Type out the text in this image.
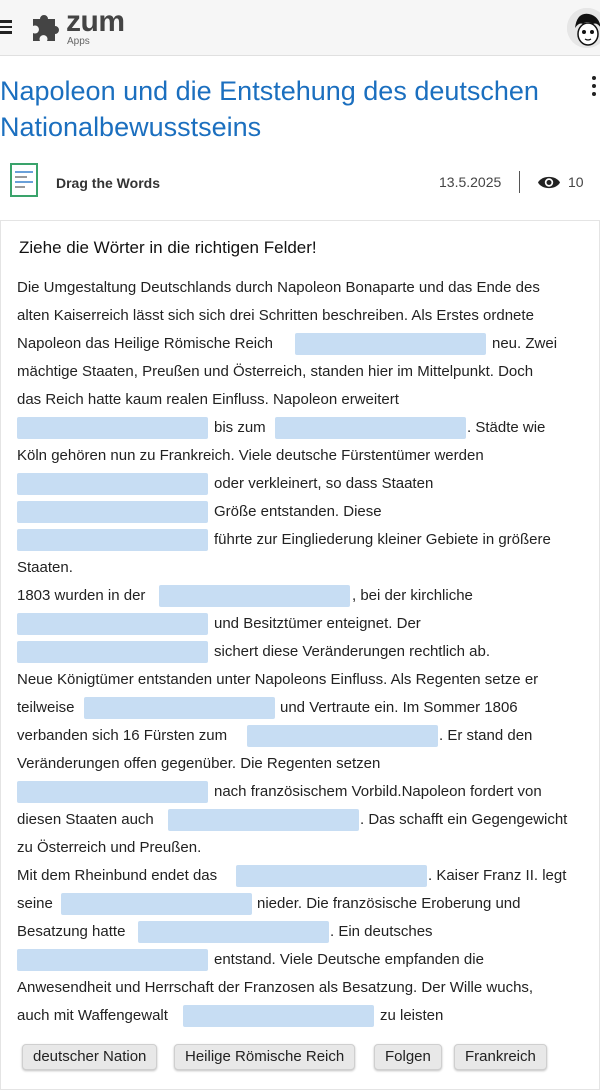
zum
Apps
Napoleon und die Entstehung des deutschen
Nationalbewusstseins
Drag the Words	13.5.2025	10
Ziehe die Wörter in die richtigen Felder!
Die Umgestaltung Deutschlands durch Napoleon Bonaparte und das Ende des
alten Kaiserreich lässt sich sich drei Schritten beschreiben. Als Erstes ordnete
Napoleon das Heilige Römische Reich	neu. Zwei
mächtige Staaten, Preußen und Österreich, standen hier im Mittelpunkt. Doch
das Reich hatte kaum realen Einfluss. Napoleon erweitert
bis zum	. Städte wie
Köln gehören nun zu Frankreich. Viele deutsche Fürstentümer werden
oder verkleinert, so dass Staaten
Größe entstanden. Diese
führte zur Eingliederung kleiner Gebiete in größere
Staaten.
1803 wurden in der	, bei der kirchliche
und Besitztümer enteignet. Der
sichert diese Veränderungen rechtlich ab.
Neue Königtümer entstanden unter Napoleons Einfluss. Als Regenten setze er
teilweise	und Vertraute ein. Im Sommer 1806
verbanden sich 16 Fürsten zum	. Er stand den
Veränderungen offen gegenüber. Die Regenten setzen
nach französischem Vorbild.Napoleon fordert von
diesen Staaten auch	. Das schafft ein Gegengewicht
zu Österreich und Preußen.
Mit dem Rheinbund endet das	. Kaiser Franz II. legt
seine	nieder. Die französische Eroberung und
Besatzung hatte	. Ein deutsches
entstand. Viele Deutsche empfanden die
Anwesendheit und Herrschaft der Franzosen als Besatzung. Der Wille wuchs,
auch mit Waffengewalt	zu leisten
deutscher Nation	Heilige Römische Reich	Folgen	Frankreich
